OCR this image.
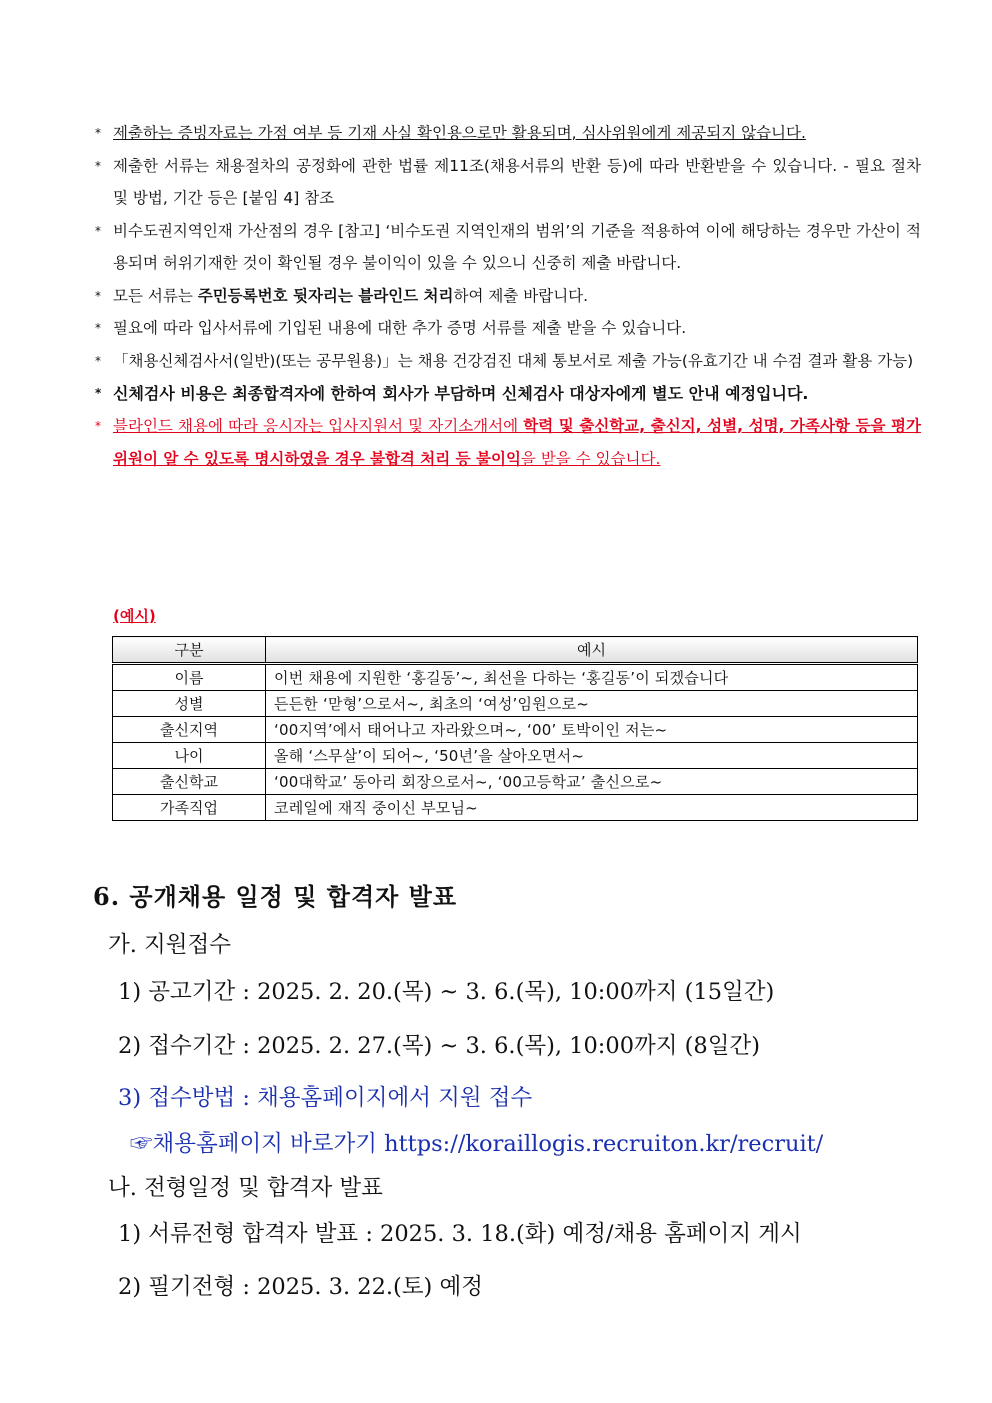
* 제출하는 증빙자료는 가점 여부 등 기재 사실 확인용으로만 활용되며, 심사위원에게 제공되지 않습니다.
* 제출한 서류는 채용절차의 공정화에 관한 법률 제11조(채용서류의 반환 등)에 따라 반환받을 수 있습니다. - 필요 절차 및 방법, 기간 등은 [붙임 4] 참조
* 비수도권지역인재 가산점의 경우 [참고] ‘비수도권 지역인재의 범위’의 기준을 적용하여 이에 해당하는 경우만 가산이 적용되며 허위기재한 것이 확인될 경우 불이익이 있을 수 있으니 신중히 제출 바랍니다.
* 모든 서류는 주민등록번호 뒷자리는 블라인드 처리하여 제출 바랍니다.
* 필요에 따라 입사서류에 기입된 내용에 대한 추가 증명 서류를 제출 받을 수 있습니다.
* 「채용신체검사서(일반)(또는 공무원용)」는 채용 건강검진 대체 통보서로 제출 가능(유효기간 내 수검 결과 활용 가능)
* 신체검사 비용은 최종합격자에 한하여 회사가 부담하며 신체검사 대상자에게 별도 안내 예정입니다.
* 블라인드 채용에 따라 응시자는 입사지원서 및 자기소개서에 학력 및 출신학교, 출신지, 성별, 성명, 가족사항 등을 평가 위원이 알 수 있도록 명시하였을 경우 불합격 처리 등 불이익을 받을 수 있습니다.
(예시)
구분	예시
이름	이번 채용에 지원한 ‘홍길동’~, 최선을 다하는 ‘홍길동’이 되겠습니다
성별	든든한 ‘맏형’으로서~, 최초의 ‘여성’임원으로~
출신지역	‘00지역’에서 태어나고 자라왔으며~, ‘00’ 토박이인 저는~
나이	올해 ‘스무살’이 되어~, ‘50년’을 살아오면서~
출신학교	‘00대학교’ 동아리 회장으로서~, ‘00고등학교’ 출신으로~
가족직업	코레일에 재직 중이신 부모님~
6. 공개채용 일정 및 합격자 발표
가. 지원접수
1) 공고기간 : 2025. 2. 20.(목) ~ 3. 6.(목), 10:00까지 (15일간)
2) 접수기간 : 2025. 2. 27.(목) ~ 3. 6.(목), 10:00까지 (8일간)
3) 접수방법 : 채용홈페이지에서 지원 접수
☞채용홈페이지 바로가기 https://koraillogis.recruiton.kr/recruit/
나. 전형일정 및 합격자 발표
1) 서류전형 합격자 발표 : 2025. 3. 18.(화) 예정/채용 홈페이지 게시
2) 필기전형 : 2025. 3. 22.(토) 예정
